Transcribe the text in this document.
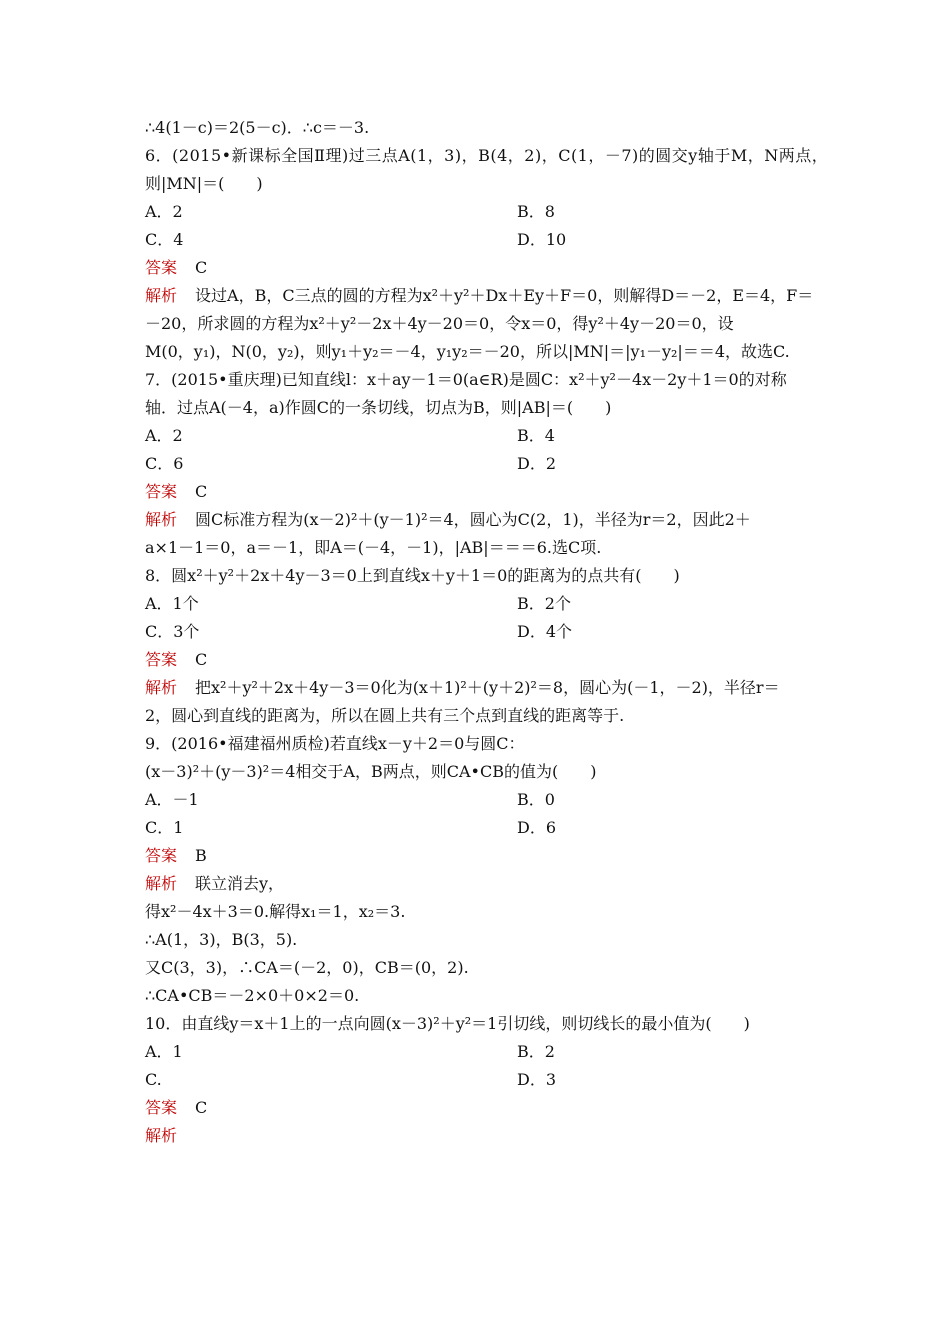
∴4(1－c)＝2(5－c)．∴c＝－3.
6．(2015•新课标全国Ⅱ理)过三点A(1，3)，B(4，2)，C(1，－7)的圆交y轴于M，N两点，
则|MN|＝(　　)
A．2	B．8
C．4	D．10
答案 C
解析 设过A，B，C三点的圆的方程为x²＋y²＋Dx＋Ey＋F＝0，则解得D＝－2，E＝4，F＝
－20，所求圆的方程为x²＋y²－2x＋4y－20＝0，令x＝0，得y²＋4y－20＝0，设
M(0，y₁)，N(0，y₂)，则y₁＋y₂＝－4，y₁y₂＝－20，所以|MN|＝|y₁－y₂|＝＝4，故选C.
7．(2015•重庆理)已知直线l：x＋ay－1＝0(a∈R)是圆C：x²＋y²－4x－2y＋1＝0的对称
轴．过点A(－4，a)作圆C的一条切线，切点为B，则|AB|＝(　　)
A．2	B．4
C．6	D．2
答案 C
解析 圆C标准方程为(x－2)²＋(y－1)²＝4，圆心为C(2，1)，半径为r＝2，因此2＋
a×1－1＝0，a＝－1，即A＝(－4，－1)，|AB|＝＝＝6.选C项.
8．圆x²＋y²＋2x＋4y－3＝0上到直线x＋y＋1＝0的距离为的点共有(　　)
A．1个	B．2个
C．3个	D．4个
答案 C
解析 把x²＋y²＋2x＋4y－3＝0化为(x＋1)²＋(y＋2)²＝8，圆心为(－1，－2)，半径r＝
2，圆心到直线的距离为，所以在圆上共有三个点到直线的距离等于.
9．(2016•福建福州质检)若直线x－y＋2＝0与圆C：
(x－3)²＋(y－3)²＝4相交于A，B两点，则CA•CB的值为(　　)
A．－1	B．0
C．1	D．6
答案 B
解析 联立消去y，
得x²－4x＋3＝0.解得x₁＝1，x₂＝3.
∴A(1，3)，B(3，5).
又C(3，3)，∴CA＝(－2，0)，CB＝(0，2).
∴CA•CB＝－2×0＋0×2＝0.
10．由直线y＝x＋1上的一点向圆(x－3)²＋y²＝1引切线，则切线长的最小值为(　　)
A．1	B．2
C.	D．3
答案 C
解析
